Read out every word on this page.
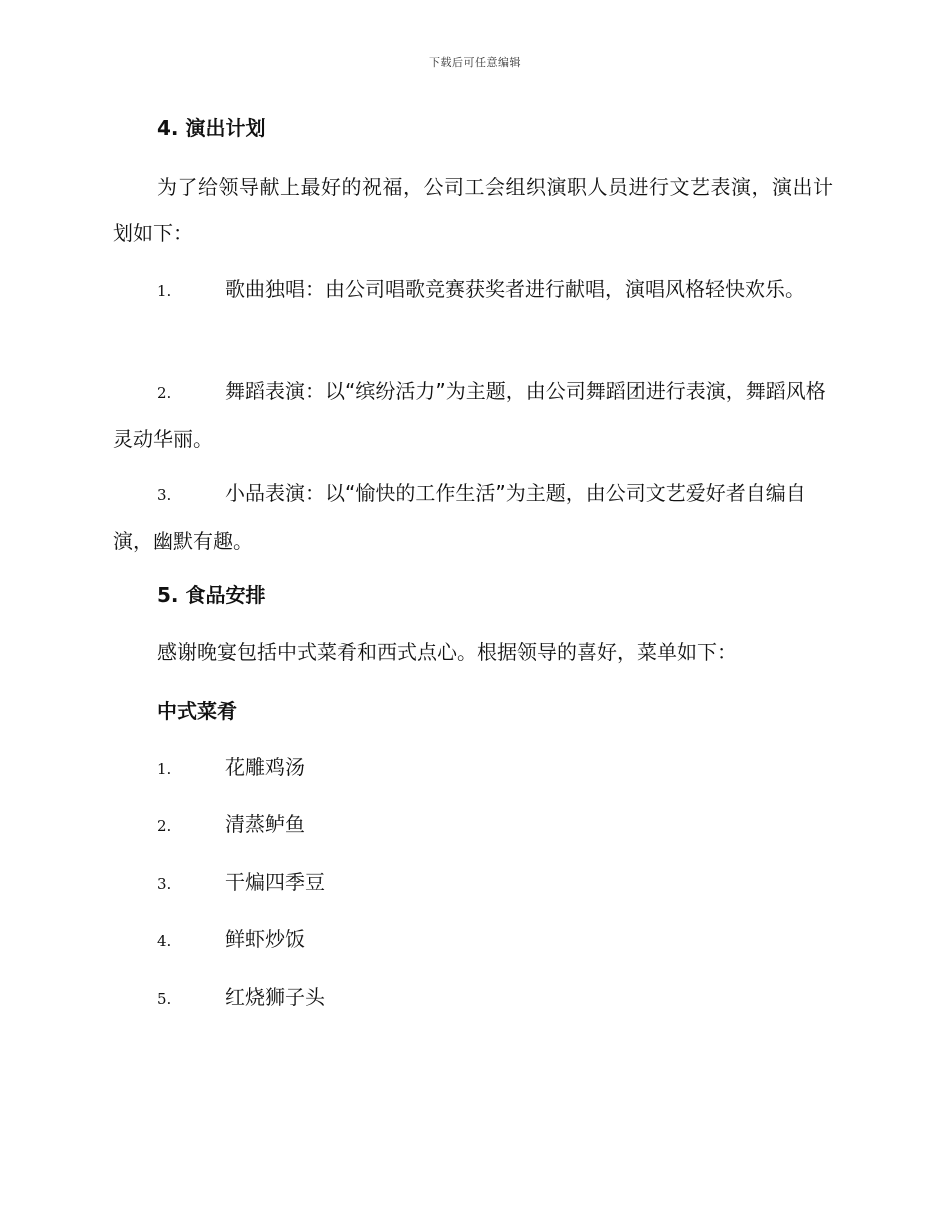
下载后可任意编辑
4. 演出计划
为了给领导献上最好的祝福，公司工会组织演职人员进行文艺表演，演出计划如下：
1.	歌曲独唱：由公司唱歌竞赛获奖者进行献唱，演唱风格轻快欢乐。
2.	舞蹈表演：以“缤纷活力”为主题，由公司舞蹈团进行表演，舞蹈风格灵动华丽。
3.	小品表演：以“愉快的工作生活”为主题，由公司文艺爱好者自编自演，幽默有趣。
5. 食品安排
感谢晚宴包括中式菜肴和西式点心。根据领导的喜好，菜单如下：
中式菜肴
1.	花雕鸡汤
2.	清蒸鲈鱼
3.	干煸四季豆
4.	鲜虾炒饭
5.	红烧狮子头
